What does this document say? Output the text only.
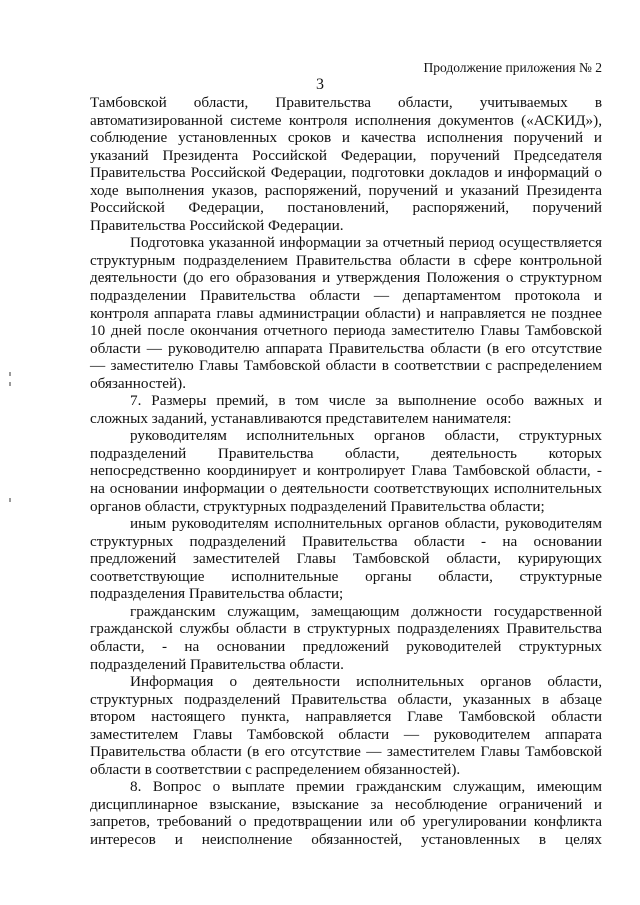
Продолжение приложения № 2
3

Тамбовской области, Правительства области, учитываемых в автоматизированной системе контроля исполнения документов («АСКИД»), соблюдение установленных сроков и качества исполнения поручений и указаний Президента Российской Федерации, поручений Председателя Правительства Российской Федерации, подготовки докладов и информаций о ходе выполнения указов, распоряжений, поручений и указаний Президента Российской Федерации, постановлений, распоряжений, поручений Правительства Российской Федерации.

Подготовка указанной информации за отчетный период осуществляется структурным подразделением Правительства области в сфере контрольной деятельности (до его образования и утверждения Положения о структурном подразделении Правительства области — департаментом протокола и контроля аппарата главы администрации области) и направляется не позднее 10 дней после окончания отчетного периода заместителю Главы Тамбовской области — руководителю аппарата Правительства области (в его отсутствие — заместителю Главы Тамбовской области в соответствии с распределением обязанностей).

7. Размеры премий, в том числе за выполнение особо важных и сложных заданий, устанавливаются представителем нанимателя:

руководителям исполнительных органов области, структурных подразделений Правительства области, деятельность которых непосредственно координирует и контролирует Глава Тамбовской области, - на основании информации о деятельности соответствующих исполнительных органов области, структурных подразделений Правительства области;

иным руководителям исполнительных органов области, руководителям структурных подразделений Правительства области - на основании предложений заместителей Главы Тамбовской области, курирующих соответствующие исполнительные органы области, структурные подразделения Правительства области;

гражданским служащим, замещающим должности государственной гражданской службы области в структурных подразделениях Правительства области, - на основании предложений руководителей структурных подразделений Правительства области.

Информация о деятельности исполнительных органов области, структурных подразделений Правительства области, указанных в абзаце втором настоящего пункта, направляется Главе Тамбовской области заместителем Главы Тамбовской области — руководителем аппарата Правительства области (в его отсутствие — заместителем Главы Тамбовской области в соответствии с распределением обязанностей).

8. Вопрос о выплате премии гражданским служащим, имеющим дисциплинарное взыскание, взыскание за несоблюдение ограничений и запретов, требований о предотвращении или об урегулировании конфликта интересов и неисполнение обязанностей, установленных в целях
